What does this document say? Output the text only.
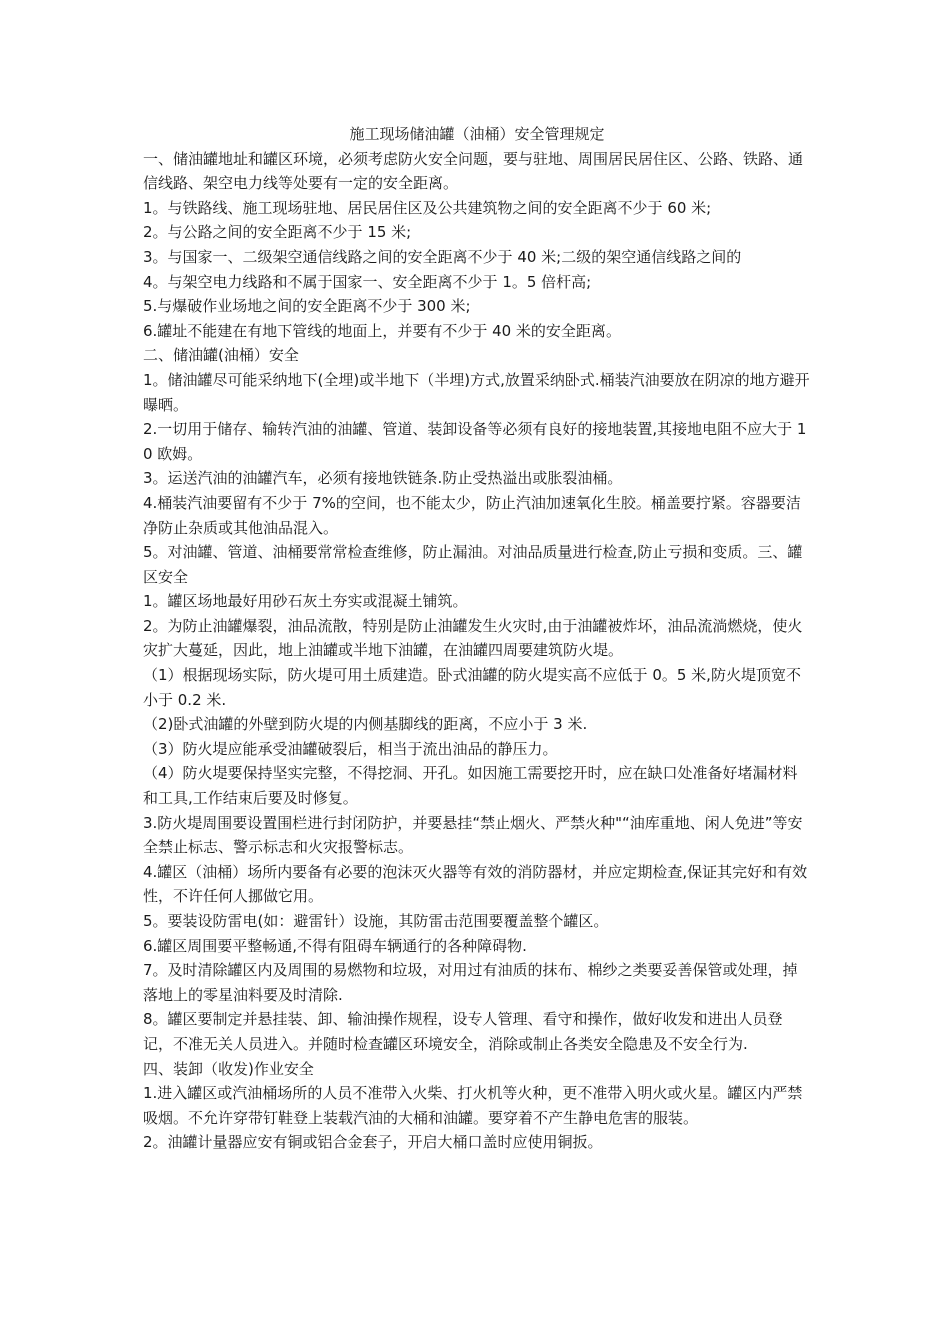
施工现场储油罐（油桶）安全管理规定

一、储油罐地址和罐区环境，必须考虑防火安全问题，要与驻地、周围居民居住区、公路、铁路、通信线路、架空电力线等处要有一定的安全距离。

1。与铁路线、施工现场驻地、居民居住区及公共建筑物之间的安全距离不少于 60 米;

2。与公路之间的安全距离不少于 15 米;

3。与国家一、二级架空通信线路之间的安全距离不少于 40 米;二级的架空通信线路之间的

4。与架空电力线路和不属于国家一、安全距离不少于 1。5 倍杆高;

5.与爆破作业场地之间的安全距离不少于 300 米;

6.罐址不能建在有地下管线的地面上，并要有不少于 40 米的安全距离。

二、储油罐(油桶）安全

1。储油罐尽可能采纳地下(全埋)或半地下（半埋)方式,放置采纳卧式.桶装汽油要放在阴凉的地方避开曝晒。

2.一切用于储存、输转汽油的油罐、管道、装卸设备等必须有良好的接地装置,其接地电阻不应大于 10 欧姆。

3。运送汽油的油罐汽车，必须有接地铁链条.防止受热溢出或胀裂油桶。

4.桶装汽油要留有不少于 7%的空间，也不能太少，防止汽油加速氧化生胶。桶盖要拧紧。容器要洁净防止杂质或其他油品混入。

5。对油罐、管道、油桶要常常检查维修，防止漏油。对油品质量进行检查,防止亏损和变质。三、罐区安全

1。罐区场地最好用砂石灰土夯实或混凝土铺筑。

2。为防止油罐爆裂，油品流散，特别是防止油罐发生火灾时,由于油罐被炸坏，油品流淌燃烧，使火灾扩大蔓延，因此，地上油罐或半地下油罐，在油罐四周要建筑防火堤。

（1）根据现场实际，防火堤可用土质建造。卧式油罐的防火堤实高不应低于 0。5 米,防火堤顶宽不小于 0.2 米.

（2)卧式油罐的外壁到防火堤的内侧基脚线的距离，不应小于 3 米.

（3）防火堤应能承受油罐破裂后，相当于流出油品的静压力。

（4）防火堤要保持坚实完整，不得挖洞、开孔。如因施工需要挖开时，应在缺口处准备好堵漏材料和工具,工作结束后要及时修复。

3.防火堤周围要设置围栏进行封闭防护，并要悬挂“禁止烟火、严禁火种"“油库重地、闲人免进”等安全禁止标志、警示标志和火灾报警标志。

4.罐区（油桶）场所内要备有必要的泡沫灭火器等有效的消防器材，并应定期检查,保证其完好和有效性，不许任何人挪做它用。

5。要装设防雷电(如：避雷针）设施，其防雷击范围要覆盖整个罐区。

6.罐区周围要平整畅通,不得有阻碍车辆通行的各种障碍物.

7。及时清除罐区内及周围的易燃物和垃圾，对用过有油质的抹布、棉纱之类要妥善保管或处理，掉落地上的零星油料要及时清除.

8。罐区要制定并悬挂装、卸、输油操作规程，设专人管理、看守和操作，做好收发和进出人员登记，不准无关人员进入。并随时检查罐区环境安全，消除或制止各类安全隐患及不安全行为.

四、装卸（收发)作业安全

1.进入罐区或汽油桶场所的人员不准带入火柴、打火机等火种，更不准带入明火或火星。罐区内严禁吸烟。不允许穿带钉鞋登上装载汽油的大桶和油罐。要穿着不产生静电危害的服装。

2。油罐计量器应安有铜或铝合金套子，开启大桶口盖时应使用铜扳。
